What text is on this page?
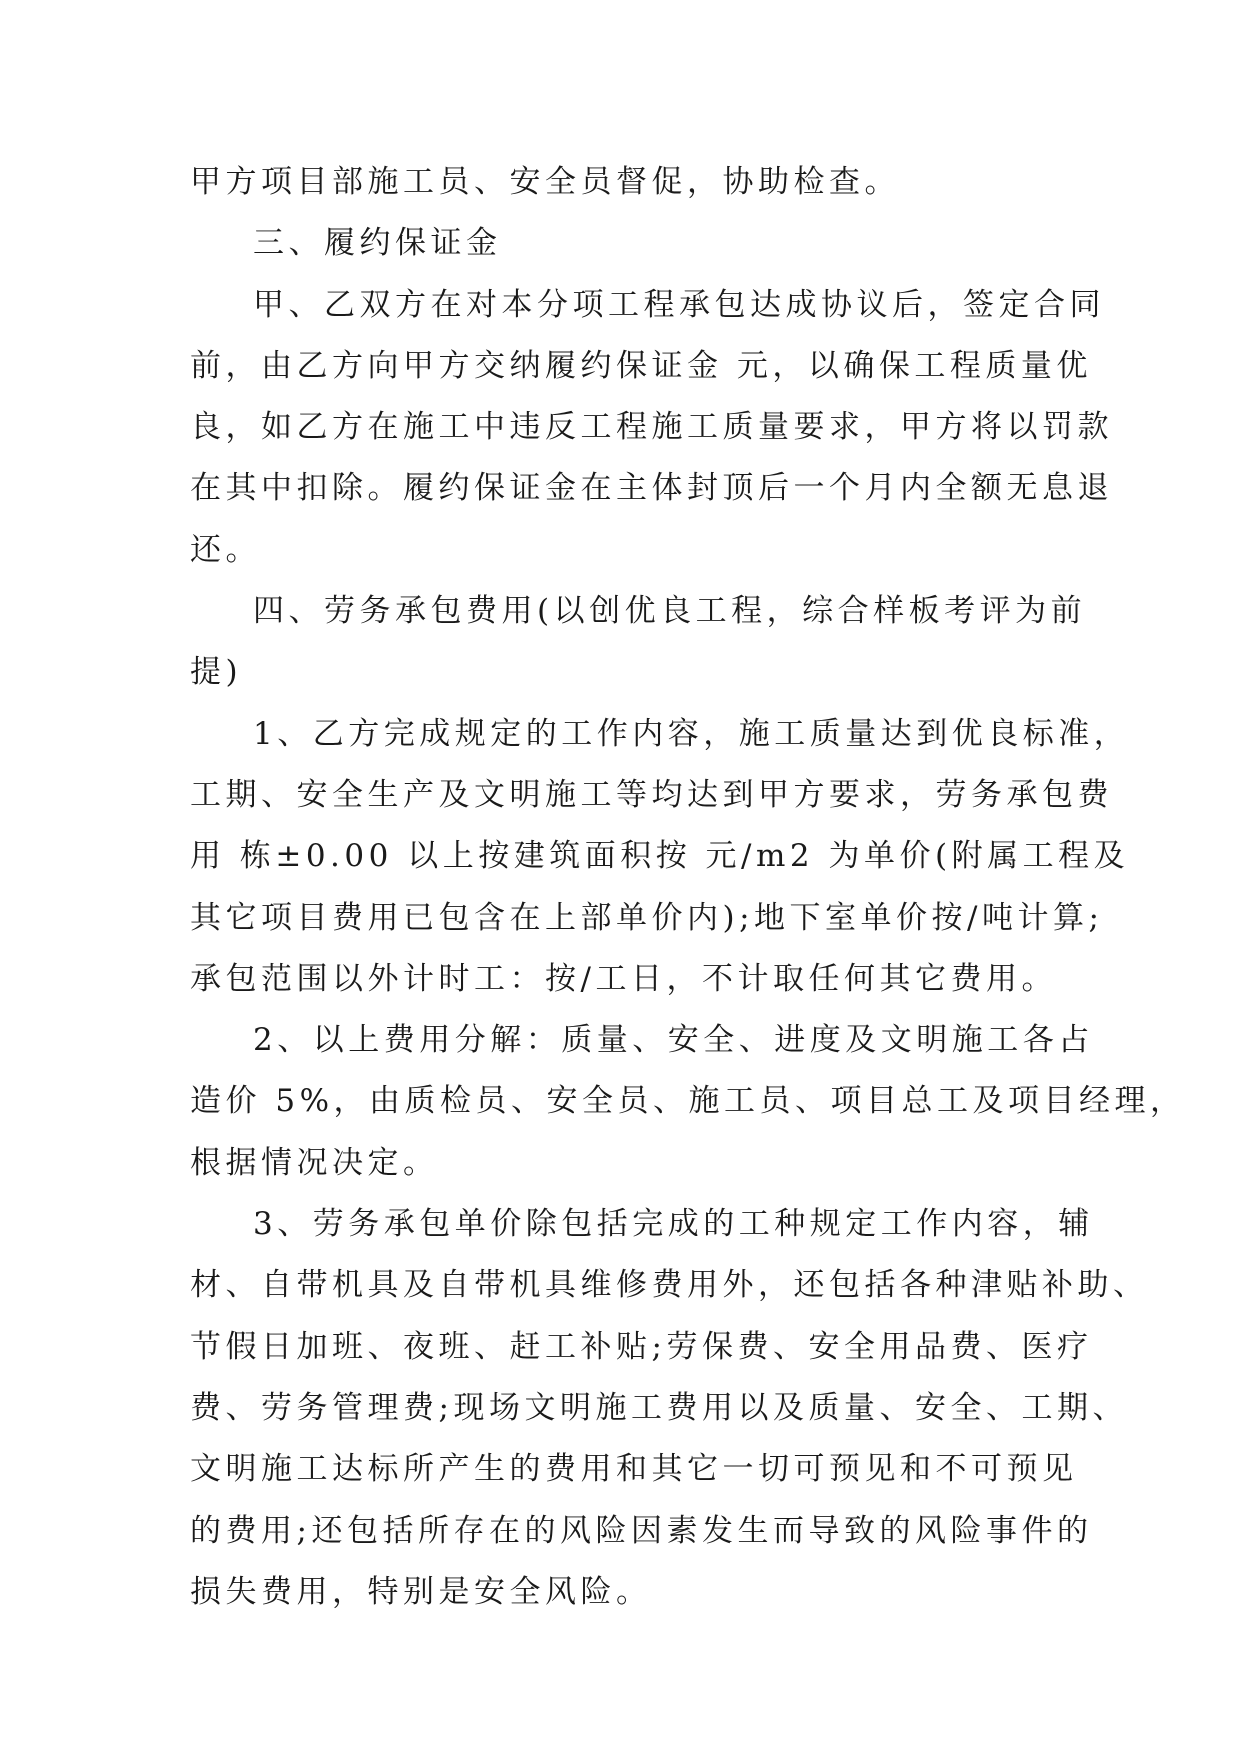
甲方项目部施工员、安全员督促，协助检查。
三、履约保证金
甲、乙双方在对本分项工程承包达成协议后，签定合同
前，由乙方向甲方交纳履约保证金 元，以确保工程质量优
良，如乙方在施工中违反工程施工质量要求，甲方将以罚款
在其中扣除。履约保证金在主体封顶后一个月内全额无息退
还。
四、劳务承包费用(以创优良工程，综合样板考评为前
提)
1、乙方完成规定的工作内容，施工质量达到优良标准，
工期、安全生产及文明施工等均达到甲方要求，劳务承包费
用 栋±0.00 以上按建筑面积按 元/m2 为单价(附属工程及
其它项目费用已包含在上部单价内);地下室单价按/吨计算;
承包范围以外计时工：按/工日，不计取任何其它费用。
2、以上费用分解：质量、安全、进度及文明施工各占
造价 5%，由质检员、安全员、施工员、项目总工及项目经理，
根据情况决定。
3、劳务承包单价除包括完成的工种规定工作内容，辅
材、自带机具及自带机具维修费用外，还包括各种津贴补助、
节假日加班、夜班、赶工补贴;劳保费、安全用品费、医疗
费、劳务管理费;现场文明施工费用以及质量、安全、工期、
文明施工达标所产生的费用和其它一切可预见和不可预见
的费用;还包括所存在的风险因素发生而导致的风险事件的
损失费用，特别是安全风险。
